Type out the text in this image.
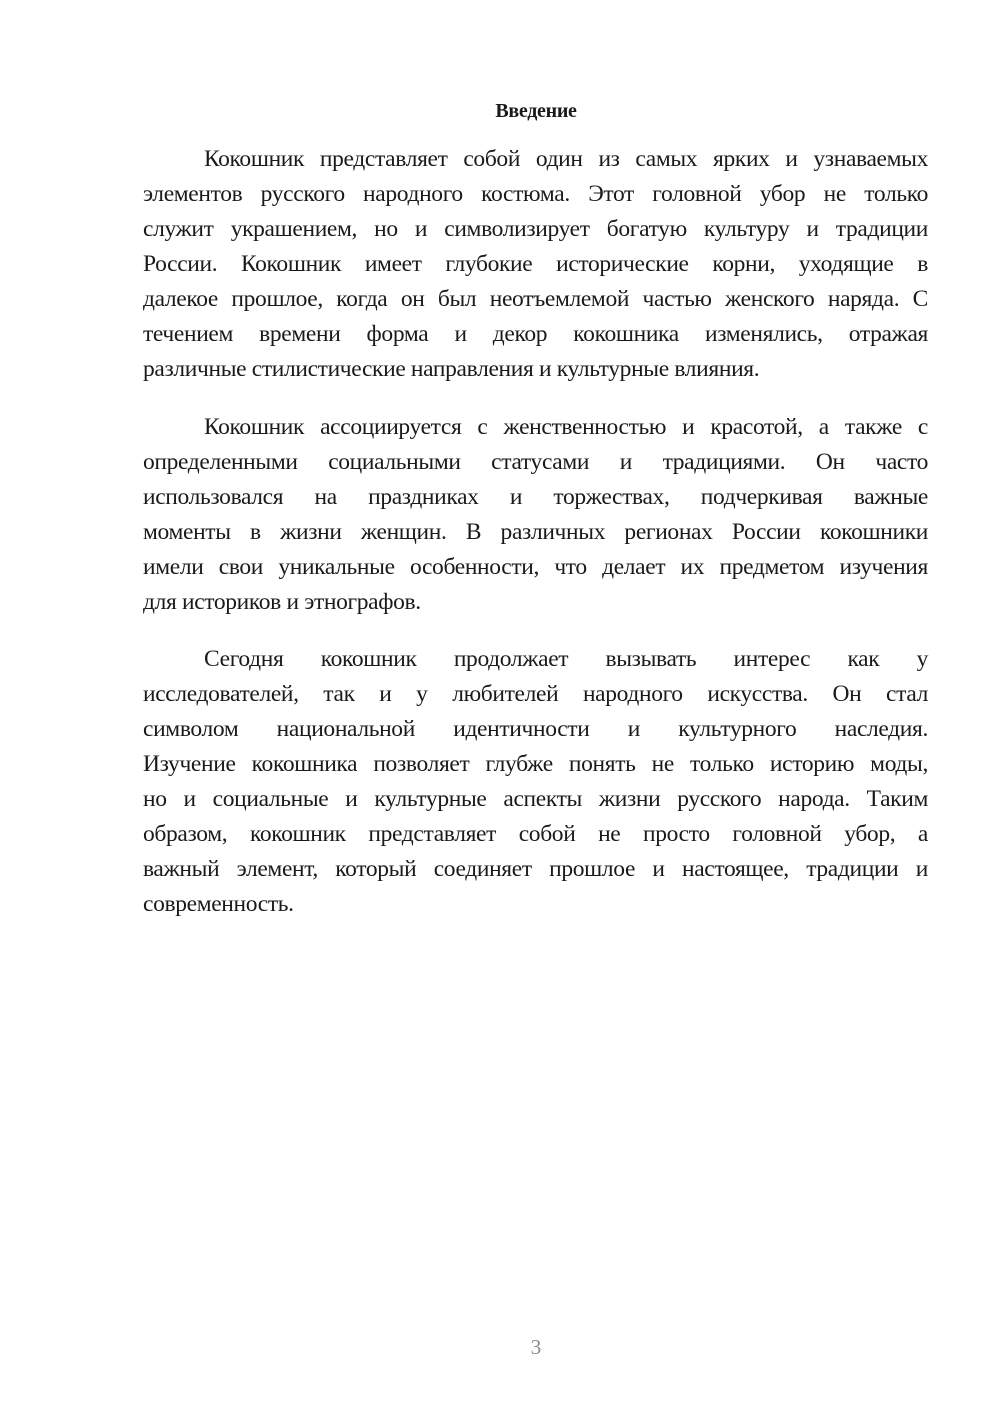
Введение
Кокошник представляет собой один из самых ярких и узнаваемых
элементов русского народного костюма. Этот головной убор не только
служит украшением, но и символизирует богатую культуру и традиции
России. Кокошник имеет глубокие исторические корни, уходящие в
далекое прошлое, когда он был неотъемлемой частью женского наряда. С
течением времени форма и декор кокошника изменялись, отражая
различные стилистические направления и культурные влияния.
Кокошник ассоциируется с женственностью и красотой, а также с
определенными социальными статусами и традициями. Он часто
использовался на праздниках и торжествах, подчеркивая важные
моменты в жизни женщин. В различных регионах России кокошники
имели свои уникальные особенности, что делает их предметом изучения
для историков и этнографов.
Сегодня кокошник продолжает вызывать интерес как у
исследователей, так и у любителей народного искусства. Он стал
символом национальной идентичности и культурного наследия.
Изучение кокошника позволяет глубже понять не только историю моды,
но и социальные и культурные аспекты жизни русского народа. Таким
образом, кокошник представляет собой не просто головной убор, а
важный элемент, который соединяет прошлое и настоящее, традиции и
современность.
3
